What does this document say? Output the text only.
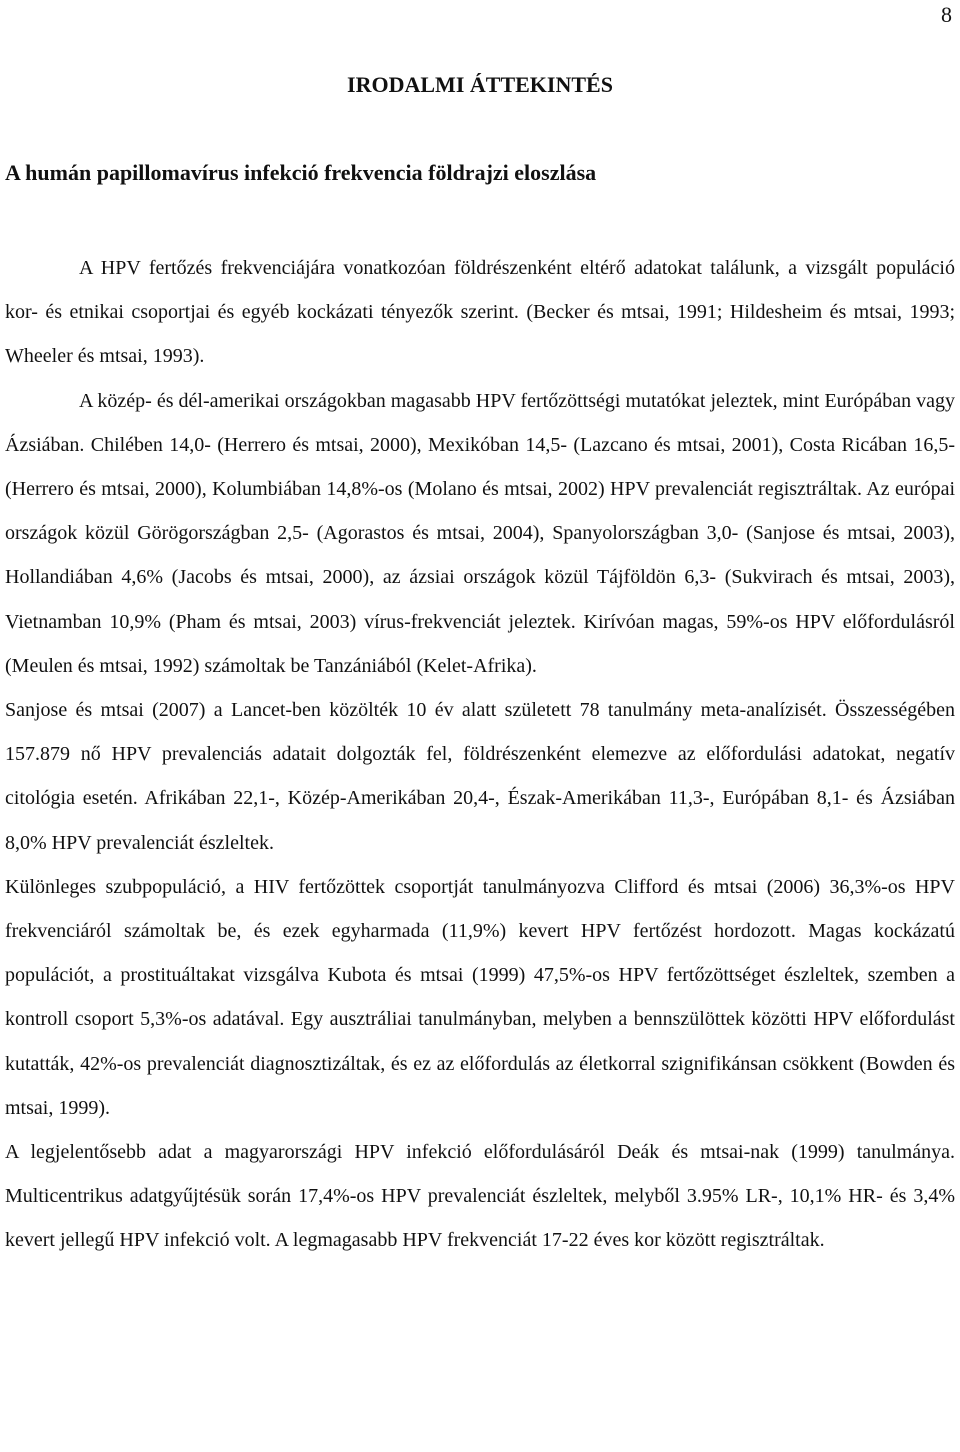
8
IRODALMI ÁTTEKINTÉS
A humán papillomavírus infekció frekvencia földrajzi eloszlása

A HPV fertőzés frekvenciájára vonatkozóan földrészenként eltérő adatokat találunk, a vizsgált populáció kor- és etnikai csoportjai és egyéb kockázati tényezők szerint. (Becker és mtsai, 1991; Hildesheim és mtsai, 1993; Wheeler és mtsai, 1993).

A közép- és dél-amerikai országokban magasabb HPV fertőzöttségi mutatókat jeleztek, mint Európában vagy Ázsiában. Chilében 14,0- (Herrero és mtsai, 2000), Mexikóban 14,5- (Lazcano és mtsai, 2001), Costa Ricában 16,5- (Herrero és mtsai, 2000), Kolumbiában 14,8%-os (Molano és mtsai, 2002) HPV prevalenciát regisztráltak. Az európai országok közül Görögországban 2,5- (Agorastos és mtsai, 2004), Spanyolországban 3,0- (Sanjose és mtsai, 2003), Hollandiában 4,6% (Jacobs és mtsai, 2000), az ázsiai országok közül Tájföldön 6,3- (Sukvirach és mtsai, 2003), Vietnamban 10,9% (Pham és mtsai, 2003) vírus-frekvenciát jeleztek. Kirívóan magas, 59%-os HPV előfordulásról (Meulen és mtsai, 1992) számoltak be Tanzániából (Kelet-Afrika).

Sanjose és mtsai (2007) a Lancet-ben közölték 10 év alatt született 78 tanulmány meta-analízisét. Összességében 157.879 nő HPV prevalenciás adatait dolgozták fel, földrészenként elemezve az előfordulási adatokat, negatív citológia esetén. Afrikában 22,1-, Közép-Amerikában 20,4-, Észak-Amerikában 11,3-, Európában 8,1- és Ázsiában 8,0% HPV prevalenciát észleltek.

Különleges szubpopuláció, a HIV fertőzöttek csoportját tanulmányozva Clifford és mtsai (2006) 36,3%-os HPV frekvenciáról számoltak be, és ezek egyharmada (11,9%) kevert HPV fertőzést hordozott. Magas kockázatú populációt, a prostituáltakat vizsgálva Kubota és mtsai (1999) 47,5%-os HPV fertőzöttséget észleltek, szemben a kontroll csoport 5,3%-os adatával. Egy ausztráliai tanulmányban, melyben a bennszülöttek közötti HPV előfordulást kutatták, 42%-os prevalenciát diagnosztizáltak, és ez az előfordulás az életkorral szignifikánsan csökkent (Bowden és mtsai, 1999).

A legjelentősebb adat a magyarországi HPV infekció előfordulásáról Deák és mtsai-nak (1999) tanulmánya. Multicentrikus adatgyűjtésük során 17,4%-os HPV prevalenciát észleltek, melyből 3.95% LR-, 10,1% HR- és 3,4% kevert jellegű HPV infekció volt. A legmagasabb HPV frekvenciát 17-22 éves kor között regisztráltak.
